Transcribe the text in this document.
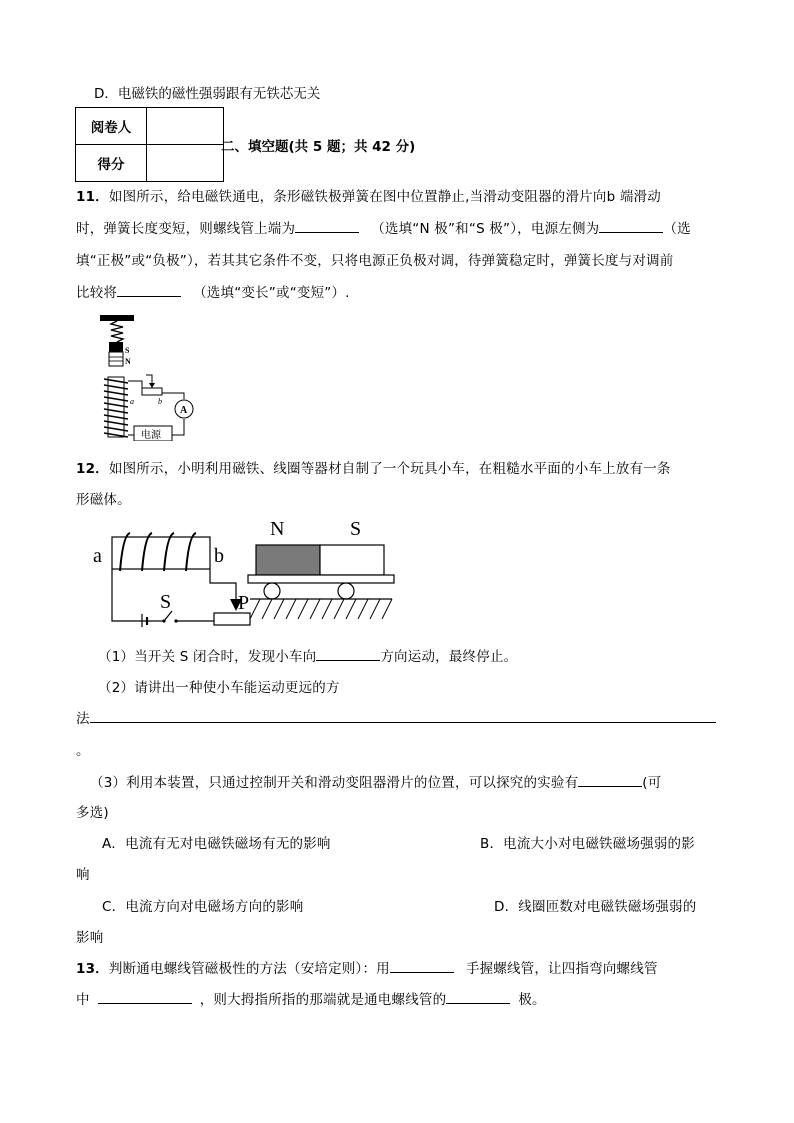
D．电磁铁的磁性强弱跟有无铁芯无关
阅卷人	
得分	
二、填空题(共 5 题；共 42 分)
11．如图所示，给电磁铁通电，条形磁铁极弹簧在图中位置静止,当滑动变阻器的滑片向b 端滑动
时，弹簧长度变短，则螺线管上端为	（选填“N 极”和“S 极”），电源左侧为	（选
填“正极”或“负极”），若其其它条件不变，只将电源正负极对调，待弹簧稳定时，弹簧长度与对调前
比较将	（选填“变长”或“变短”）.
S
N
a	b
A
电源
12．如图所示，小明利用磁铁、线圈等器材自制了一个玩具小车，在粗糙水平面的小车上放有一条
形磁体。
a	b
S	P
N	S
（1）当开关 S 闭合时，发现小车向	方向运动，最终停止。
（2）请讲出一种使小车能运动更远的方
法
。
（3）利用本装置，只通过控制开关和滑动变阻器滑片的位置，可以探究的实验有	(可
多选)
A．电流有无对电磁铁磁场有无的影响	B．电流大小对电磁铁磁场强弱的影
响
C．电流方向对电磁场方向的影响	D．线圈匝数对电磁铁磁场强弱的
影响
13．判断通电螺线管磁极性的方法（安培定则）：用	手握螺线管，让四指弯向螺线管
中	，则大拇指所指的那端就是通电螺线管的	极。
